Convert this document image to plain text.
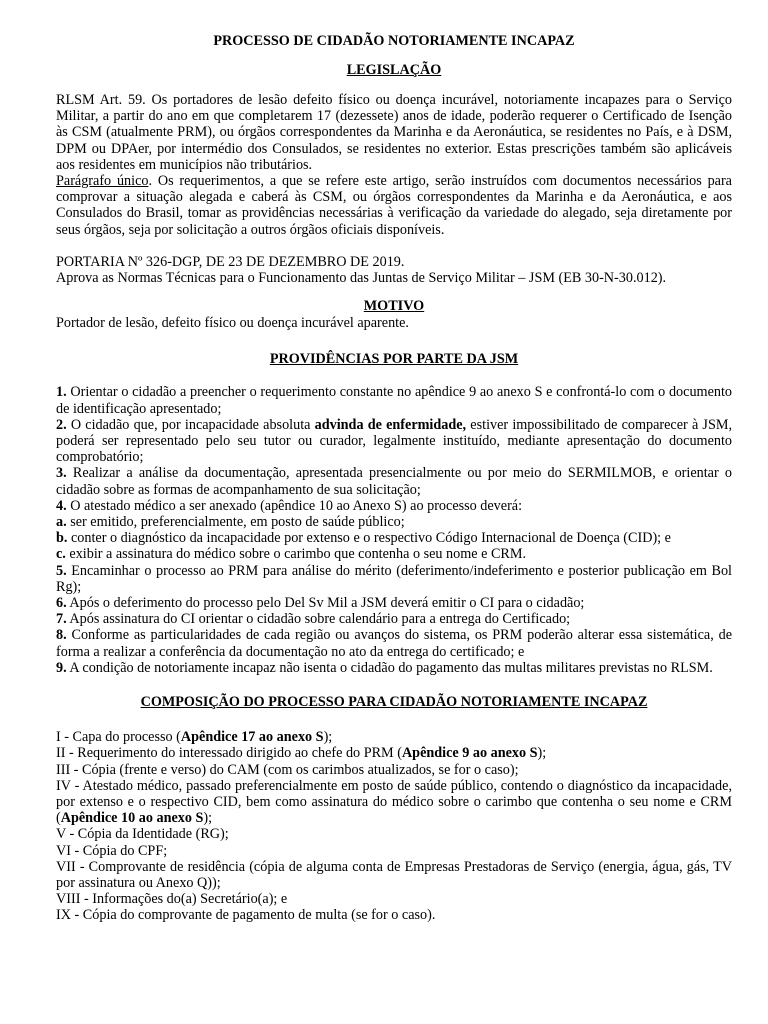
PROCESSO DE CIDADÃO NOTORIAMENTE INCAPAZ

LEGISLAÇÃO

RLSM Art. 59. Os portadores de lesão defeito físico ou doença incurável, notoriamente incapazes para o Serviço Militar, a partir do ano em que completarem 17 (dezessete) anos de idade, poderão requerer o Certificado de Isenção às CSM (atualmente PRM), ou órgãos correspondentes da Marinha e da Aeronáutica, se residentes no País, e à DSM, DPM ou DPAer, por intermédio dos Consulados, se residentes no exterior. Estas prescrições também são aplicáveis aos residentes em municípios não tributários.

Parágrafo único. Os requerimentos, a que se refere este artigo, serão instruídos com documentos necessários para comprovar a situação alegada e caberá às CSM, ou órgãos correspondentes da Marinha e da Aeronáutica, e aos Consulados do Brasil, tomar as providências necessárias à verificação da variedade do alegado, seja diretamente por seus órgãos, seja por solicitação a outros órgãos oficiais disponíveis.

PORTARIA Nº 326-DGP, DE 23 DE DEZEMBRO DE 2019.

Aprova as Normas Técnicas para o Funcionamento das Juntas de Serviço Militar – JSM (EB 30-N-30.012).

MOTIVO

Portador de lesão, defeito físico ou doença incurável aparente.

PROVIDÊNCIAS POR PARTE DA JSM

1. Orientar o cidadão a preencher o requerimento constante no apêndice 9 ao anexo S e confrontá-lo com o documento de identificação apresentado;

2. O cidadão que, por incapacidade absoluta advinda de enfermidade, estiver impossibilitado de comparecer à JSM, poderá ser representado pelo seu tutor ou curador, legalmente instituído, mediante apresentação do documento comprobatório;

3. Realizar a análise da documentação, apresentada presencialmente ou por meio do SERMILMOB, e orientar o cidadão sobre as formas de acompanhamento de sua solicitação;

4. O atestado médico a ser anexado (apêndice 10 ao Anexo S) ao processo deverá:

a. ser emitido, preferencialmente, em posto de saúde público;

b. conter o diagnóstico da incapacidade por extenso e o respectivo Código Internacional de Doença (CID); e

c. exibir a assinatura do médico sobre o carimbo que contenha o seu nome e CRM.

5. Encaminhar o processo ao PRM para análise do mérito (deferimento/indeferimento e posterior publicação em Bol Rg);

6. Após o deferimento do processo pelo Del Sv Mil a JSM deverá emitir o CI para o cidadão;

7. Após assinatura do CI orientar o cidadão sobre calendário para a entrega do Certificado;

8. Conforme as particularidades de cada região ou avanços do sistema, os PRM poderão alterar essa sistemática, de forma a realizar a conferência da documentação no ato da entrega do certificado; e

9. A condição de notoriamente incapaz não isenta o cidadão do pagamento das multas militares previstas no RLSM.

COMPOSIÇÃO DO PROCESSO PARA CIDADÃO NOTORIAMENTE INCAPAZ

I - Capa do processo (Apêndice 17 ao anexo S);

II - Requerimento do interessado dirigido ao chefe do PRM (Apêndice 9 ao anexo S);

III - Cópia (frente e verso) do CAM (com os carimbos atualizados, se for o caso);

IV - Atestado médico, passado preferencialmente em posto de saúde público, contendo o diagnóstico da incapacidade, por extenso e o respectivo CID, bem como assinatura do médico sobre o carimbo que contenha o seu nome e CRM (Apêndice 10 ao anexo S);

V - Cópia da Identidade (RG);

VI - Cópia do CPF;

VII - Comprovante de residência (cópia de alguma conta de Empresas Prestadoras de Serviço (energia, água, gás, TV por assinatura ou Anexo Q));

VIII - Informações do(a) Secretário(a); e

IX - Cópia do comprovante de pagamento de multa (se for o caso).
